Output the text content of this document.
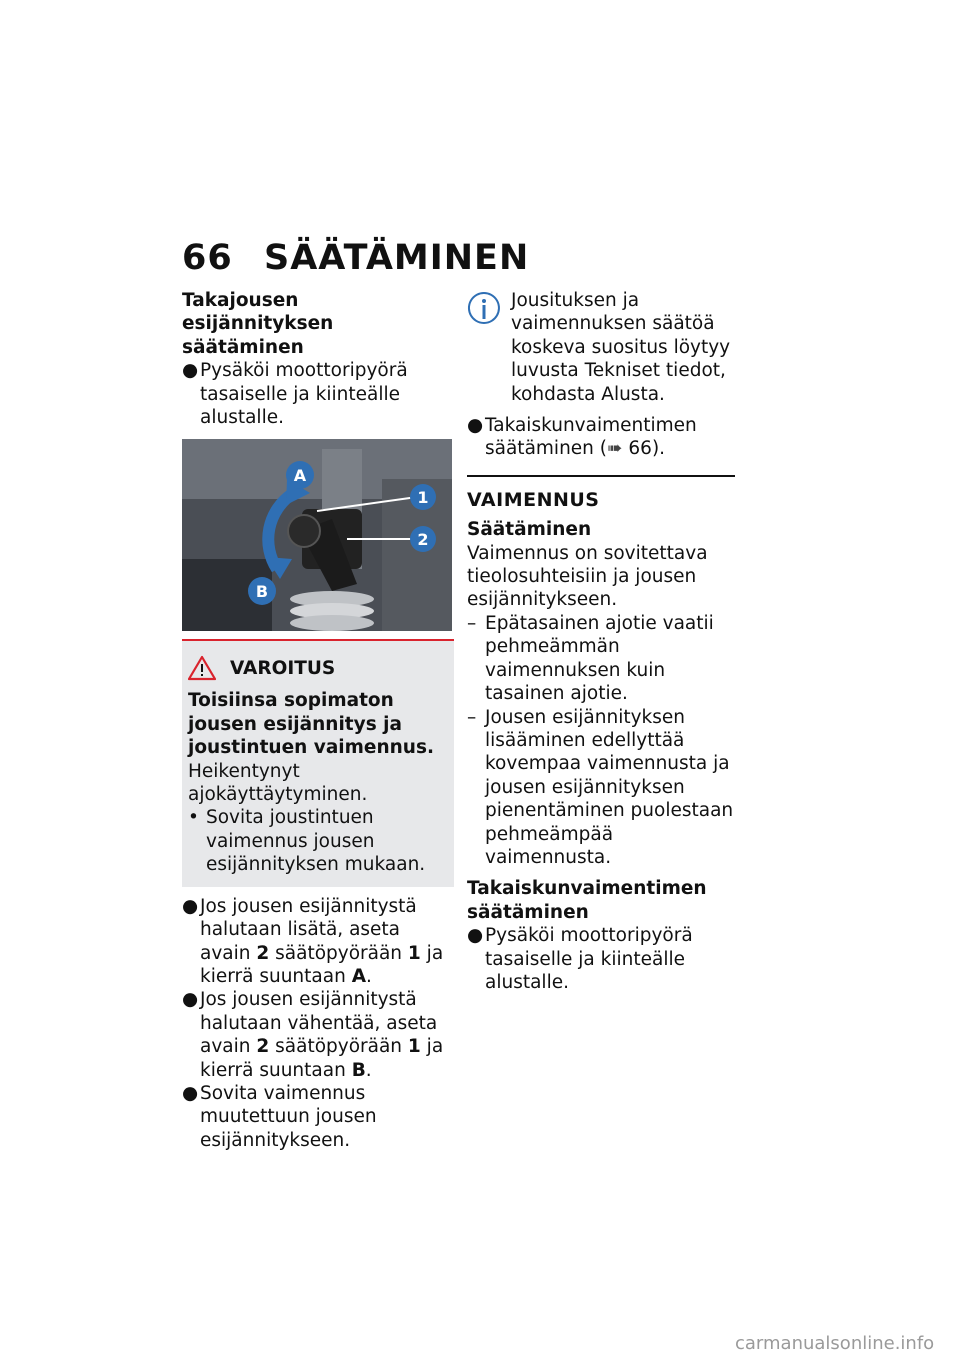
66 SÄÄTÄMINEN

Takajousen esijännityksen säätäminen

● Pysäköi moottoripyörä tasaiselle ja kiinteälle alustalle.

A
B
1
2
VAROITUS

Toisiinsa sopimaton jousen esijännitys ja joustintuen vaimennus.

Heikentynyt ajokäyttäytyminen.

• Sovita joustintuen vaimennus jousen esijännityksen mukaan.

● Jos jousen esijännitystä halutaan lisätä, aseta avain 2 säätöpyörään 1 ja kierrä suuntaan A.

● Jos jousen esijännitystä halutaan vähentää, aseta avain 2 säätöpyörään 1 ja kierrä suuntaan B.

● Sovita vaimennus muutettuun jousen esijännitykseen.

Jousituksen ja vaimennuksen säätöä koskeva suositus löytyy luvusta Tekniset tiedot, kohdasta Alusta.

● Takaiskunvaimentimen säätäminen (➠ 66).

VAIMENNUS

Säätäminen

Vaimennus on sovitettava tieolosuhteisiin ja jousen esijännitykseen.

– Epätasainen ajotie vaatii pehmeämmän vaimennuksen kuin tasainen ajotie.

– Jousen esijännityksen lisääminen edellyttää kovempaa vaimennusta ja jousen esijännityksen pienentäminen puolestaan pehmeämpää vaimennusta.

Takaiskunvaimentimen säätäminen

● Pysäköi moottoripyörä tasaiselle ja kiinteälle alustalle.

carmanualsonline.info
